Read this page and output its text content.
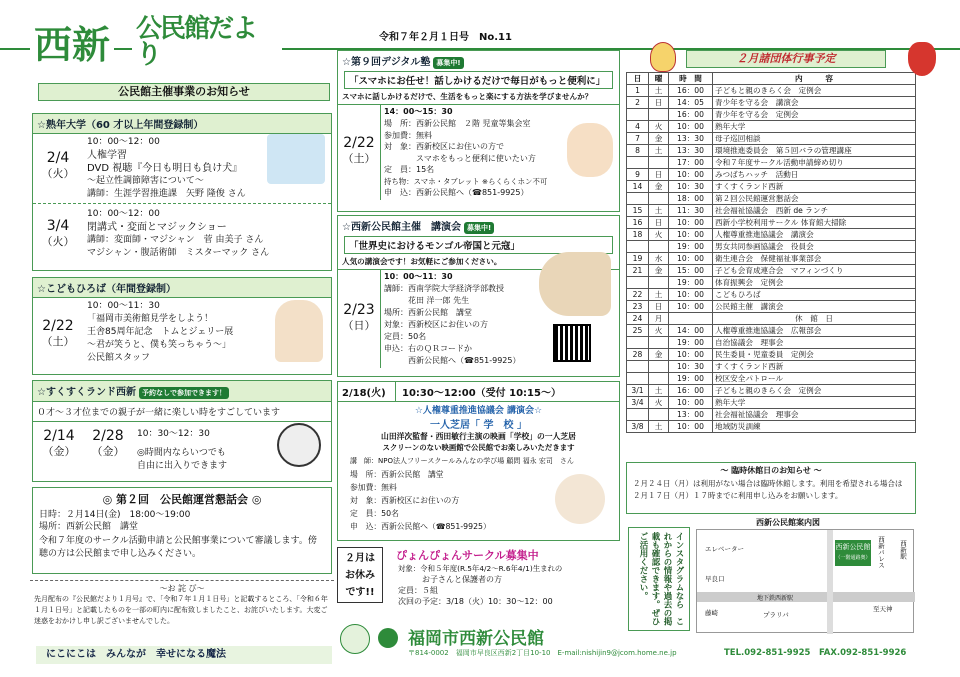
西新 公民館だより
令和７年２月１日号　No.11
公民館主催事業のお知らせ
☆熟年大学（60 才以上年間登録制）
2/4
（火）
10：00～12：00
人権学習
DVD 視聴『今日も明日も負け犬』
～起立性調節障害について～
講師：生涯学習推進課　矢野 隆俊 さん
3/4
（火）
10：00～12：00
閉講式・変面とマジックショー
講師：変面師・マジシャン　菅 由美子 さん
マジシャン・腹話術師　ミスターマック さん
☆こどもひろば（年間登録制）
2/22
（土）
10：00～11：30
「福岡市美術館見学をしよう！
王舎85周年記念　トムとジェリー展
～君が笑うと、僕も笑っちゃう～」
公民館スタッフ
☆すくすくランド西新 予約なしで参加できます！
０才～３才位までの親子が一緒に楽しい時をすごしています
2/14
（金）
2/28
（金）
10：30～12：30
◎時間内ならいつでも
自由に出入りできます
◎ 第２回　公民館運営懇話会 ◎
日時：２月14日(金)　18:00～19:00
場所：西新公民館　講堂
令和７年度のサークル活動申請と公民館事業について審議します。傍聴の方は公民館まで申し込みください。
～お 詫 び～
先月配布の『公民館だより１月号』で、「令和７年１月１日号」と記載するところ、「令和６年１月１日号」と記載したものを一部の町内に配布致しましたこと、お詫びいたします。大変ご迷惑をおかけし申し訳ございませんでした。
にこにこは　みんなが　幸せになる魔法
☆第９回デジタル塾 募集中!
「スマホにお任せ！話しかけるだけで毎日がもっと便利に」
スマホに話しかけるだけで、生活をもっと楽にする方法を学びませんか？
2/22
（土）
14：00～15：30
場　所：西新公民館　２階 児童等集会室
参加費：無料
対　象：西新校区にお住いの方で
　　　　スマホをもっと便利に使いたい方
定　員：15名
持ち物：スマホ・タブレット ※らくらくホン不可
申　込：西新公民館へ（☎851-9925）
☆西新公民館主催　講演会 募集中!
「世界史におけるモンゴル帝国と元寇」
人気の講演会です！お気軽にご参加ください。
2/23
（日）
10：00～11：30
講師：西南学院大学経済学部教授
　　　花田 洋一郎 先生
場所：西新公民館　講堂
対象：西新校区にお住いの方
定員：50名
申込：右のＱＲコードか
　　　西新公民館へ（☎851-9925）
2/18(火)	10:30～12:00（受付 10:15～）
☆人権尊重推進協議会 講演会☆
一人芝居「 学　校 」
山田洋次監督・西田敏行主演の映画「学校」の一人芝居
スクリーンのない映画館で公民館でお楽しみいただきます
講　師：NPO法人フリースクールみんなの学び場 顧問 福永 宏司　さん
場　所：西新公民館　講堂
参加費：無料
対　象：西新校区にお住いの方
定　員：50名
申　込：西新公民館へ（☎851-9925）
２月は
お休み
です!!
ぴょんぴょんサークル募集中
対象：令和５年度(R.5年4/2～R.6年4/1)生まれの
　　　お子さんと保護者の方
定員：５組
次回の予定：3/18（火）10：30～12：00
２月諸団体行事予定
日	曜	時　間	内　　　容
1	土	16：00	子どもと親のきらく会　定例会
2	日	14：05	青少年を守る会　講演会
		16：00	青少年を守る会　定例会
4	火	10：00	熟年大学
7	金	13：30	母子巡回相談
8	土	13：30	環境推進委員会　第５回バラの管理講座
		17：00	令和７年度サークル活動申請締め切り
9	日	10：00	みつばちハッチ　活動日
14	金	10：30	すくすくランド西新
		18：00	第２回公民館運営懇話会
15	土	11：30	社会福祉協議会　西新 de ランチ
16	日	10：00	西新小学校利用サークル 体育館大掃除
18	火	10：00	人権尊重推進協議会　講演会
		19：00	男女共同参画協議会　役員会
19	水	10：00	衛生連合会　保健福祉事業部会
21	金	15：00	子ども会育成連合会　マフィンづくり
		19：00	体育振興会　定例会
22	土	10：00	こどもひろば
23	日	10：00	公民館主催　講演会
24	月		休　館　日
25	火	14：00	人権尊重推進協議会　広報部会
		19：00	自治協議会　理事会
28	金	10：00	民生委員・児童委員　定例会
		10：30	すくすくランド西新
		19：00	校区安全パトロール
3/1	土	16：00	子どもと親のきらく会　定例会
3/4	火	10：00	熟年大学
		13：00	社会福祉協議会　理事会
3/8	土	10：00	地域防災訓練
～ 臨時休館日のお知らせ ～
２月２４日（月）は利用がない場合は臨時休館します。利用を希望される場合は２月１７日（月）１７時までに利用申し込みをお願いします。
西新公民館案内図
インスタグラムなら　これからの情報や過去の掲載も確認できます。ぜひご活用ください。	西新公民館
（一階通路奥）
エレベーター	西新パレス 西新駅
早良口
藤崎	プラリバ
地下鉄西新駅
至天神
福岡市西新公民館
〒814-0002　福岡市早良区西新2丁目10-10　E-mail:nishijin9@jcom.home.ne.jp	TEL.092-851-9925　FAX.092-851-9926
